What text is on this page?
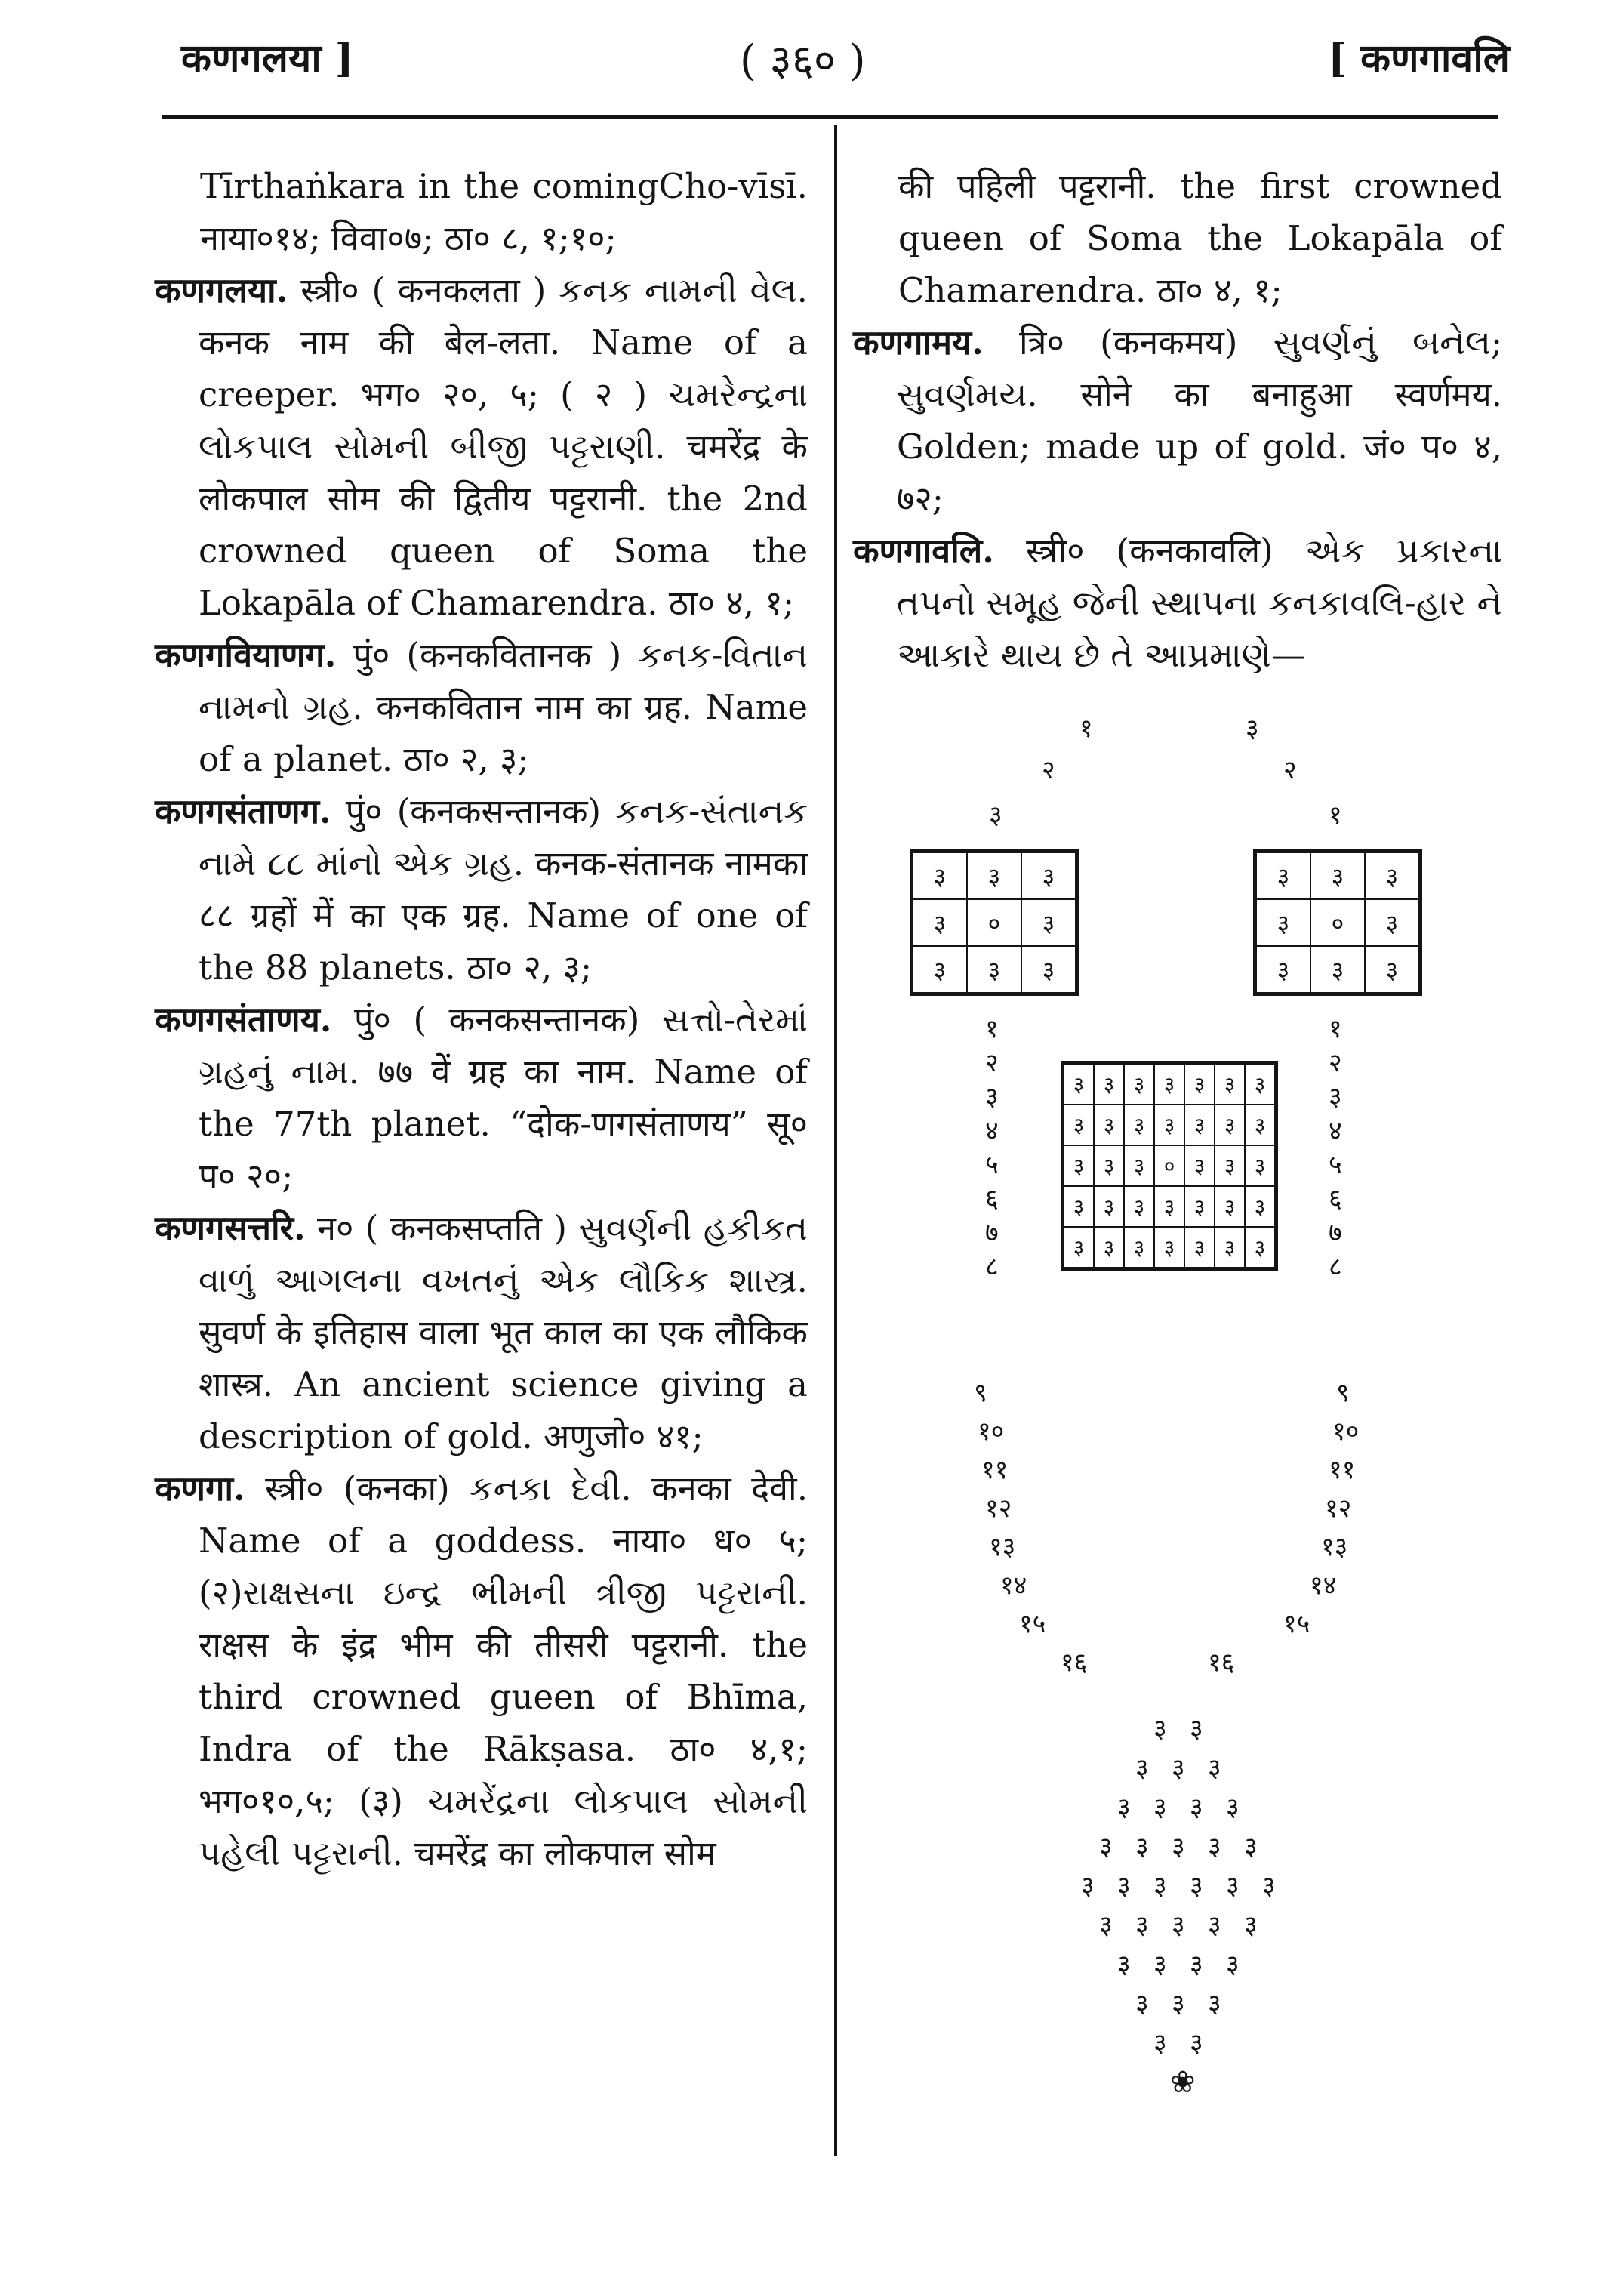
कणगलया ]	( ३६० )	[ कणगावलि

Tīrthaṅkara in the comingCho-vīsī. नाया०१४; विवा०७; ठा० ८, १;१०;

कणगलया. स्त्री० ( कनकलता ) કનક નામની વેલ. कनक नाम की बेल-लता. Name of a creeper. भग० २०, ५; ( २ ) ચમરેન્દ્રના લોકપાલ સોમની બીજી પટ્ટરાણી. चमरेंद्र के लोकपाल सोम की द्वितीय पट्टरानी. the 2nd crowned queen of Soma the Lokapāla of Chamarendra. ठा० ४, १;

कणगवियाणग. पुं० (कनकवितानक ) કનક-વિતાન નામનો ગ્રહ. कनकवितान नाम का ग्रह. Name of a planet. ठा० २, ३;

कणगसंताणग. पुं० (कनकसन्तानक) કનક-સંતાનક નામે ૮૮ માંનો એક ગ્રહ. कनक-संतानक नामका ८८ ग्रहों में का एक ग्रह. Name of one of the 88 planets. ठा० २, ३;

कणगसंताणय. पुं० ( कनकसन्तानक) સત્તો-તેરમાં ગ્રહનું નામ. ७७ वें ग्रह का नाम. Name of the 77th planet. “दोक-णगसंताणय” सू० प० २०;

कणगसत्तरि. न० ( कनकसप्तति ) સુવર્ણની હકીકત વાળું આગલના વખતનું એક લૌકિક શાસ્ત્ર. सुवर्ण के इतिहास वाला भूत काल का एक लौकिक शास्त्र. An ancient science giving a description of gold. अणुजो० ४१;

कणगा. स्त्री० (कनका) કનકા દેવી. कनका देवी. Name of a goddess. नाया० ध० ५; (२)રાક્ષસના ઇન્દ્ર ભીમની ત્રીજી પટ્ટરાની. राक्षस के इंद्र भीम की तीसरी पट्टरानी. the third crowned gueen of Bhīma, Indra of the Rākṣasa. ठा० ४,१; भग०१०,५; (३) ચમરેંદ્રના લોકપાલ સોમની પહેલી પટ્ટરાની. चमरेंद्र का लोकपाल सोम

की पहिली पट्टरानी. the first crowned queen of Soma the Lokapāla of Chamarendra. ठा० ४, १;

कणगामय. त्रि० (कनकमय) સુવર્ણનું બનેલ; સુવર્ણમય. सोने का बनाहुआ स्वर्णमय. Golden; made up of gold. जं० प० ४, ७२;

कणगावलि. स्त्री० (कनकावलि) એક પ્રકારના તપનો સમૂહ જેની સ્થાપના કનકાવલિ-હાર ને આકારે થાય છે તે આપ્રમાણે—

१
२
३
३
२
१
३	३	३
३	०	३
३	३	३
३	३	३
३	०	३
३	३	३
१
२
३
४
५
६
७
८
१
२
३
४
५
६
७
८
३	३	३	३	३	३	३
३	३	३	३	३	३	३
३	३	३	०	३	३	३
३	३	३	३	३	३	३
३	३	३	३	३	३	३
९
१०
११
१२
१३
१४
१५
१६
९
१०
११
१२
१३
१४
१५
१६
३ ३
३ ३ ३
३ ३ ३ ३
३ ३ ३ ३ ३
३ ३ ३ ३ ३ ३
३ ३ ३ ३ ३
३ ३ ३ ३
३ ३ ३
३ ३
❀
